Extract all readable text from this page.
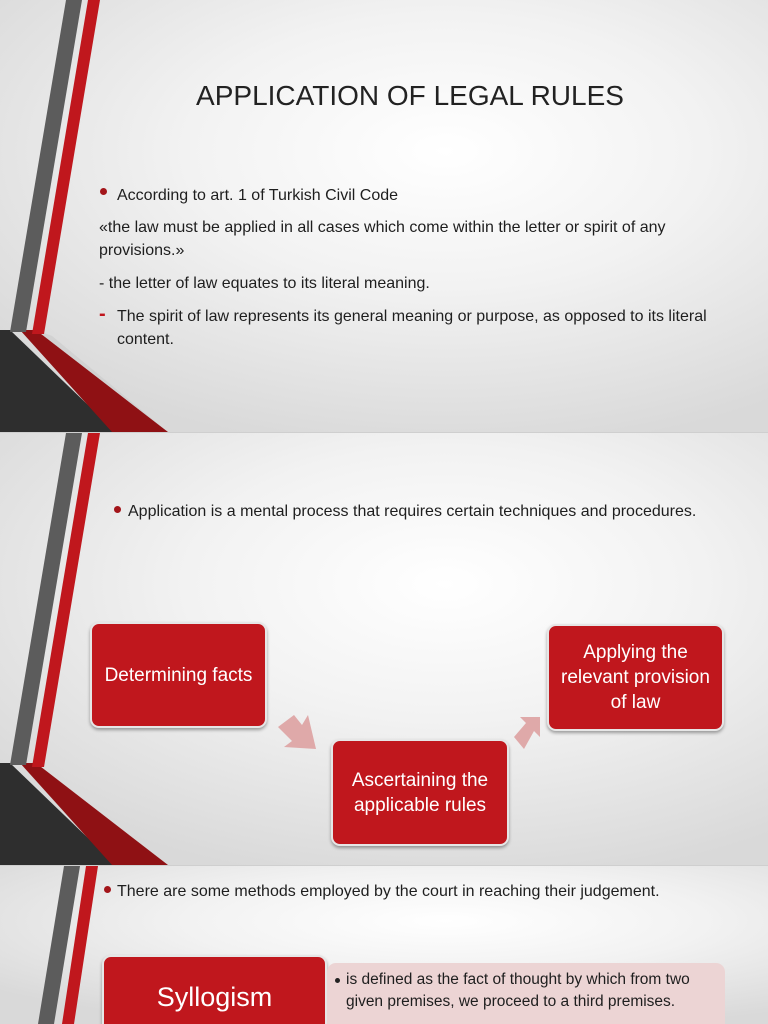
APPLICATION OF LEGAL RULES

According to art. 1 of Turkish Civil Code

«the law must be applied in all cases which come within the letter or spirit of any provisions.»

- the letter of law equates to its literal meaning.

- The spirit of law represents its general meaning or purpose, as opposed to its literal content.

Application is a mental process that requires certain techniques and procedures.

Determining facts
Ascertaining the applicable rules
Applying the relevant provision of law

There are some methods employed by the court in reaching their judgement.

Syllogism

is defined as the fact of thought by which from two given premises, we proceed to a third premises.
